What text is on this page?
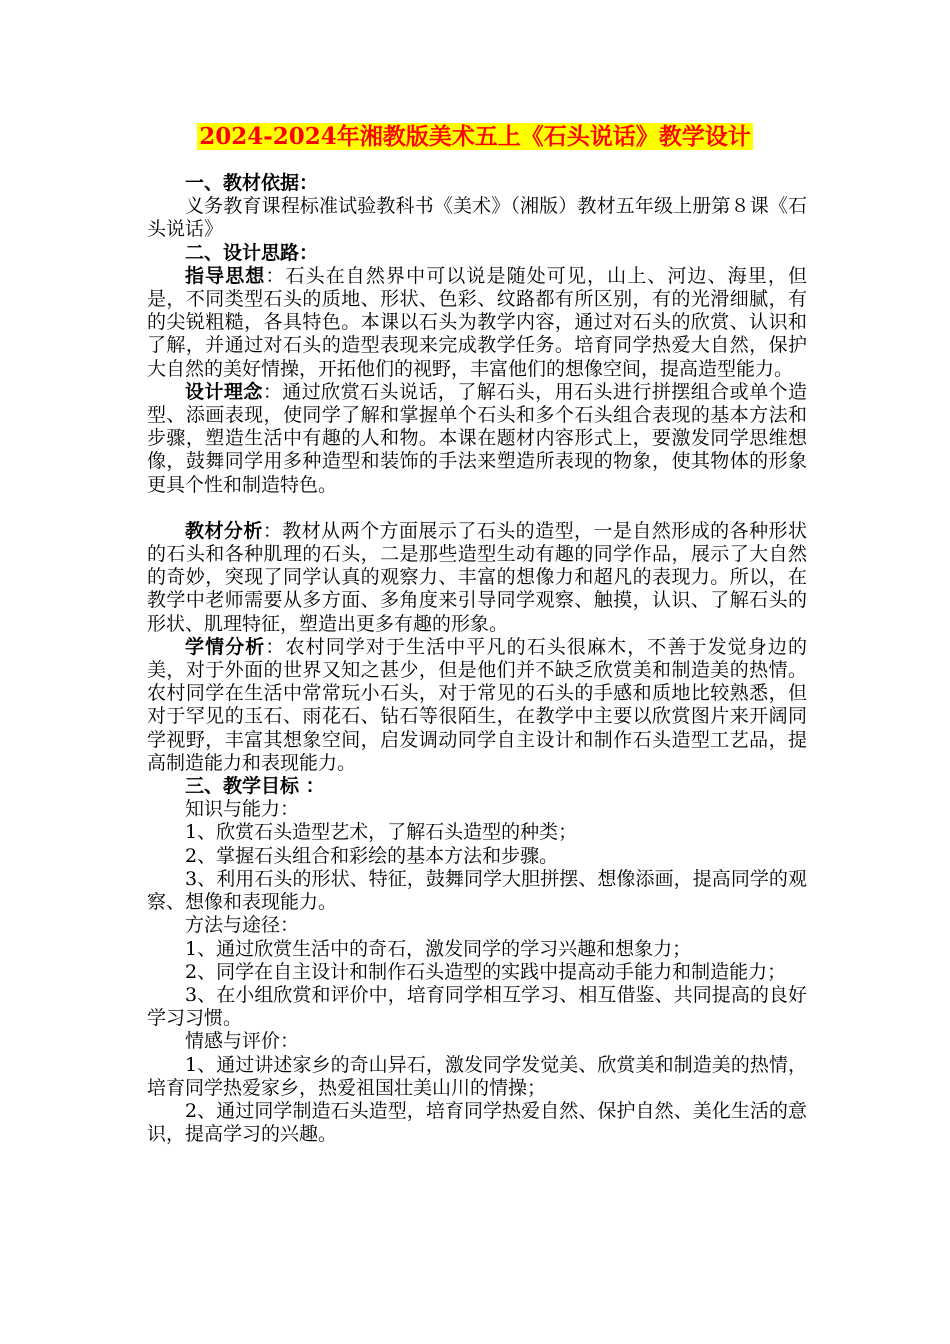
2024-2024年湘教版美术五上《石头说话》教学设计

一、教材依据：

义务教育课程标准试验教科书《美术》（湘版）教材五年级上册第８课《石头说话》

二、设计思路：

指导思想：石头在自然界中可以说是随处可见，山上、河边、海里，但是，不同类型石头的质地、形状、色彩、纹路都有所区别，有的光滑细腻，有的尖锐粗糙，各具特色。本课以石头为教学内容，通过对石头的欣赏、认识和了解，并通过对石头的造型表现来完成教学任务。培育同学热爱大自然，保护大自然的美好情操，开拓他们的视野，丰富他们的想像空间，提高造型能力。

设计理念：通过欣赏石头说话，了解石头，用石头进行拼摆组合或单个造型、添画表现，使同学了解和掌握单个石头和多个石头组合表现的基本方法和步骤，塑造生活中有趣的人和物。本课在题材内容形式上，要激发同学思维想像，鼓舞同学用多种造型和装饰的手法来塑造所表现的物象，使其物体的形象更具个性和制造特色。

教材分析：教材从两个方面展示了石头的造型，一是自然形成的各种形状的石头和各种肌理的石头，二是那些造型生动有趣的同学作品，展示了大自然的奇妙，突现了同学认真的观察力、丰富的想像力和超凡的表现力。所以，在教学中老师需要从多方面、多角度来引导同学观察、触摸，认识、了解石头的形状、肌理特征，塑造出更多有趣的形象。

学情分析：农村同学对于生活中平凡的石头很麻木，不善于发觉身边的美，对于外面的世界又知之甚少，但是他们并不缺乏欣赏美和制造美的热情。农村同学在生活中常常玩小石头，对于常见的石头的手感和质地比较熟悉，但对于罕见的玉石、雨花石、钻石等很陌生，在教学中主要以欣赏图片来开阔同学视野，丰富其想象空间，启发调动同学自主设计和制作石头造型工艺品，提高制造能力和表现能力。

三、教学目标 ：

知识与能力：

1、欣赏石头造型艺术，了解石头造型的种类；

2、掌握石头组合和彩绘的基本方法和步骤。

3、利用石头的形状、特征，鼓舞同学大胆拼摆、想像添画，提高同学的观察、想像和表现能力。

方法与途径：

1、通过欣赏生活中的奇石，激发同学的学习兴趣和想象力；

2、同学在自主设计和制作石头造型的实践中提高动手能力和制造能力；

3、在小组欣赏和评价中，培育同学相互学习、相互借鉴、共同提高的良好学习习惯。

情感与评价：

1、通过讲述家乡的奇山异石，激发同学发觉美、欣赏美和制造美的热情，培育同学热爱家乡，热爱祖国壮美山川的情操；

2、通过同学制造石头造型，培育同学热爱自然、保护自然、美化生活的意识，提高学习的兴趣。
